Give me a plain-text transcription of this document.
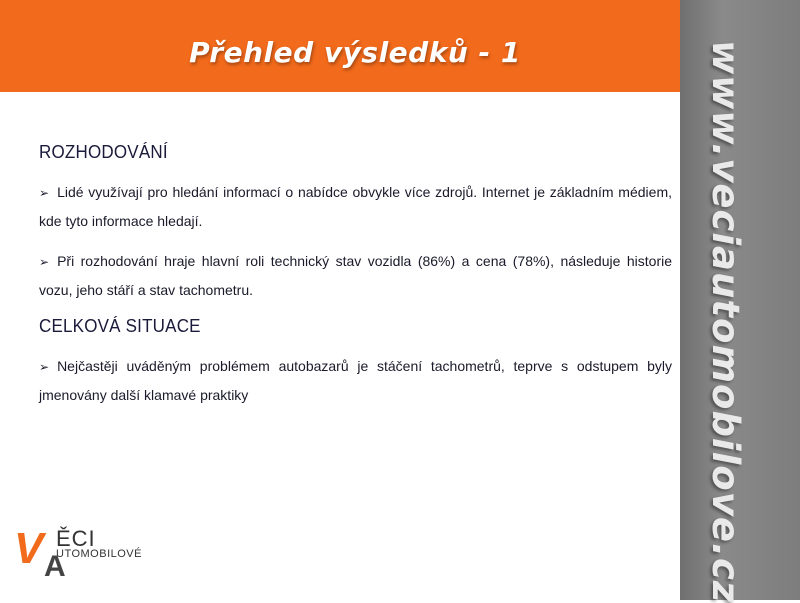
Přehled výsledků - 1	www.veciautomobilove.cz
ROZHODOVÁNÍ

➢ Lidé využívají pro hledání informací o nabídce obvykle více zdrojů. Internet je základním médiem, kde tyto informace hledají.

➢ Při rozhodování hraje hlavní roli technický stav vozidla (86%) a cena (78%), následuje historie vozu, jeho stáří a stav tachometru.

CELKOVÁ SITUACE

➢ Nejčastěji uváděným problémem autobazarů je stáčení tachometrů, teprve s odstupem byly jmenovány další klamavé praktiky

V ĚCI
A
UTOMOBILOVÉ
